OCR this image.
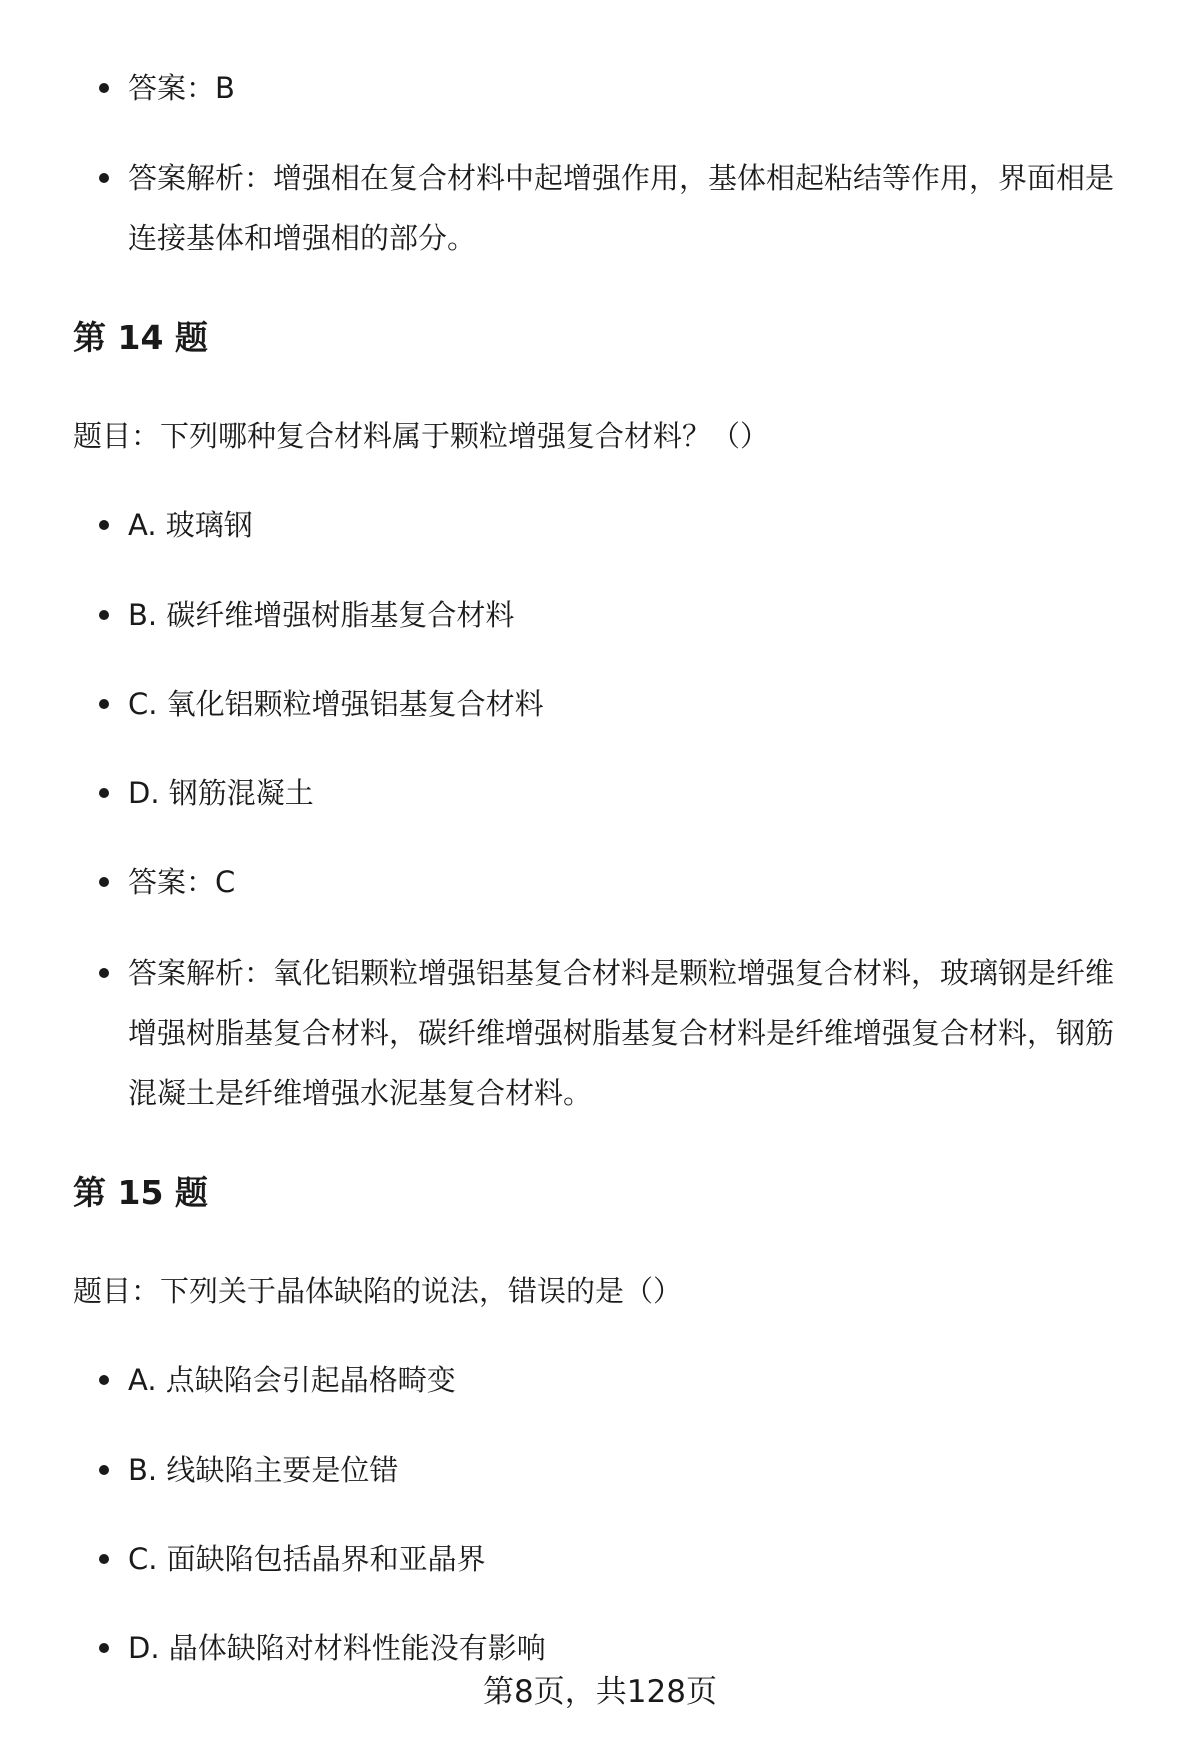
答案：B
答案解析：增强相在复合材料中起增强作用，基体相起粘结等作用，界面相是连接基体和增强相的部分。
第 14 题
题目：下列哪种复合材料属于颗粒增强复合材料？（）
A. 玻璃钢
B. 碳纤维增强树脂基复合材料
C. 氧化铝颗粒增强铝基复合材料
D. 钢筋混凝土
答案：C
答案解析：氧化铝颗粒增强铝基复合材料是颗粒增强复合材料，玻璃钢是纤维增强树脂基复合材料，碳纤维增强树脂基复合材料是纤维增强复合材料，钢筋混凝土是纤维增强水泥基复合材料。
第 15 题
题目：下列关于晶体缺陷的说法，错误的是（）
A. 点缺陷会引起晶格畸变
B. 线缺陷主要是位错
C. 面缺陷包括晶界和亚晶界
D. 晶体缺陷对材料性能没有影响
第8页，共128页
